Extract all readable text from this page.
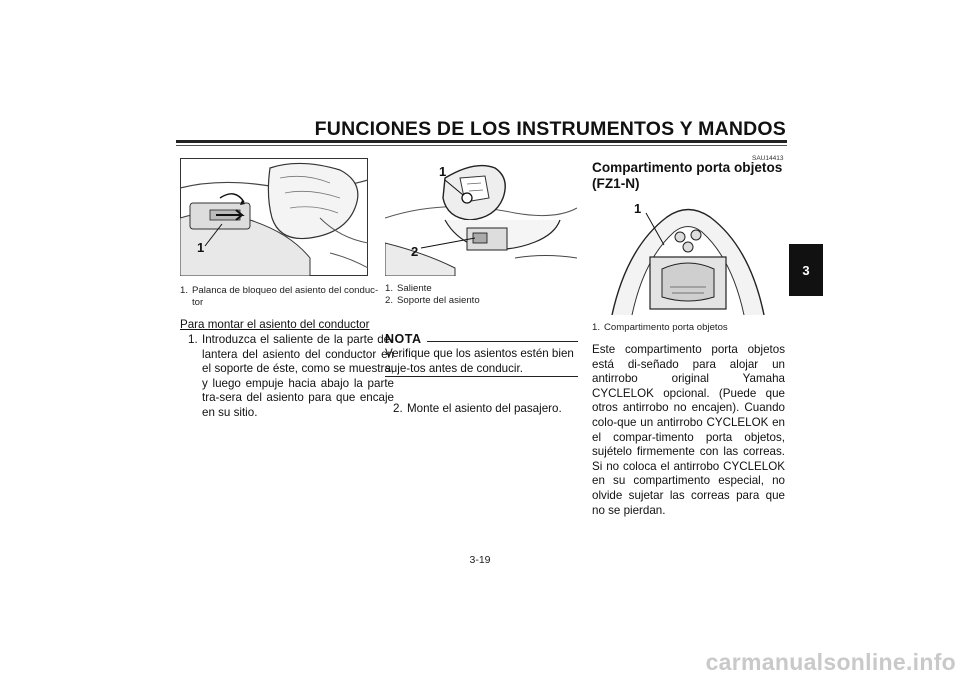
FUNCIONES DE LOS INSTRUMENTOS Y MANDOS
3
1
1. Palanca de bloqueo del asiento del conduc-
tor
Para montar el asiento del conductor
1. Introduzca el saliente de la parte de-lantera del asiento del conductor en el soporte de éste, como se muestra, y luego empuje hacia abajo la parte tra-sera del asiento para que encaje en su sitio.
1
2
1. Saliente
2. Soporte del asiento
2. Monte el asiento del pasajero.
NOTA
Verifique que los asientos estén bien suje-tos antes de conducir.
SAU14413
Compartimento porta objetos
(FZ1-N)
1
1. Compartimento porta objetos
Este compartimento porta objetos está di-señado para alojar un antirrobo original Yamaha CYCLELOK opcional. (Puede que otros antirrobo no encajen). Cuando colo-que un antirrobo CYCLELOK en el compar-timento porta objetos, sujételo firmemente con las correas. Si no coloca el antirrobo CYCLELOK en su compartimento especial, no olvide sujetar las correas para que no se pierdan.
3-19
carmanualsonline.info
